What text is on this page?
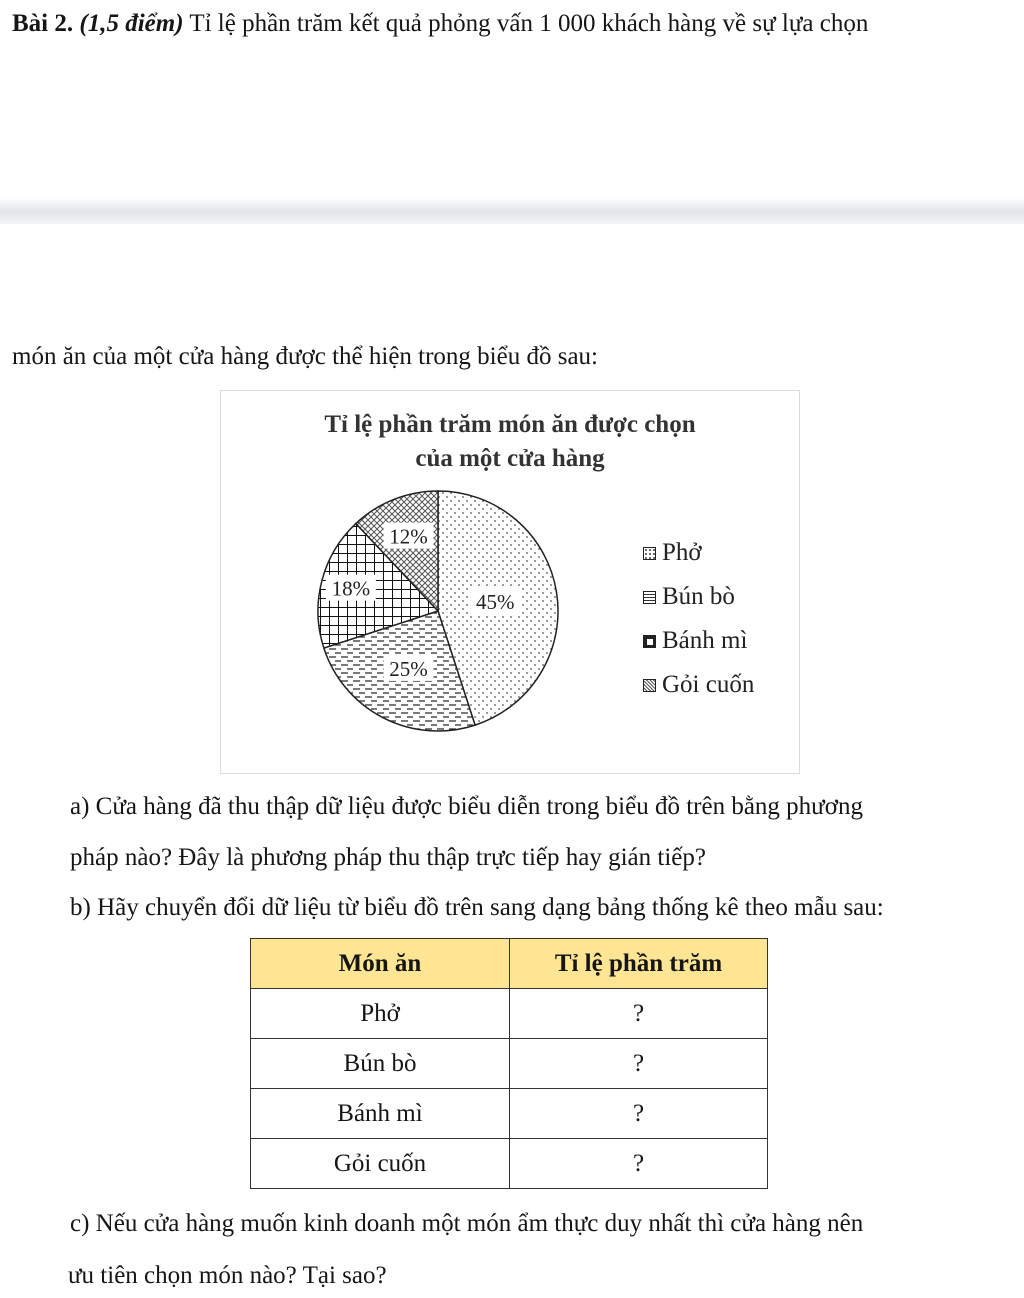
Bài 2. (1,5 điểm) Tỉ lệ phần trăm kết quả phỏng vấn 1 000 khách hàng về sự lựa chọn
món ăn của một cửa hàng được thể hiện trong biểu đồ sau:
Tỉ lệ phần trăm món ăn được chọn
của một cửa hàng
45%
25%
18%
12%
Phở
Bún bò
Bánh mì
Gỏi cuốn
a) Cửa hàng đã thu thập dữ liệu được biểu diễn trong biểu đồ trên bằng phương
pháp nào? Đây là phương pháp thu thập trực tiếp hay gián tiếp?
b) Hãy chuyển đổi dữ liệu từ biểu đồ trên sang dạng bảng thống kê theo mẫu sau:
Món ăn	Tỉ lệ phần trăm
Phở	?
Bún bò	?
Bánh mì	?
Gỏi cuốn	?
c) Nếu cửa hàng muốn kinh doanh một món ẩm thực duy nhất thì cửa hàng nên
ưu tiên chọn món nào? Tại sao?
